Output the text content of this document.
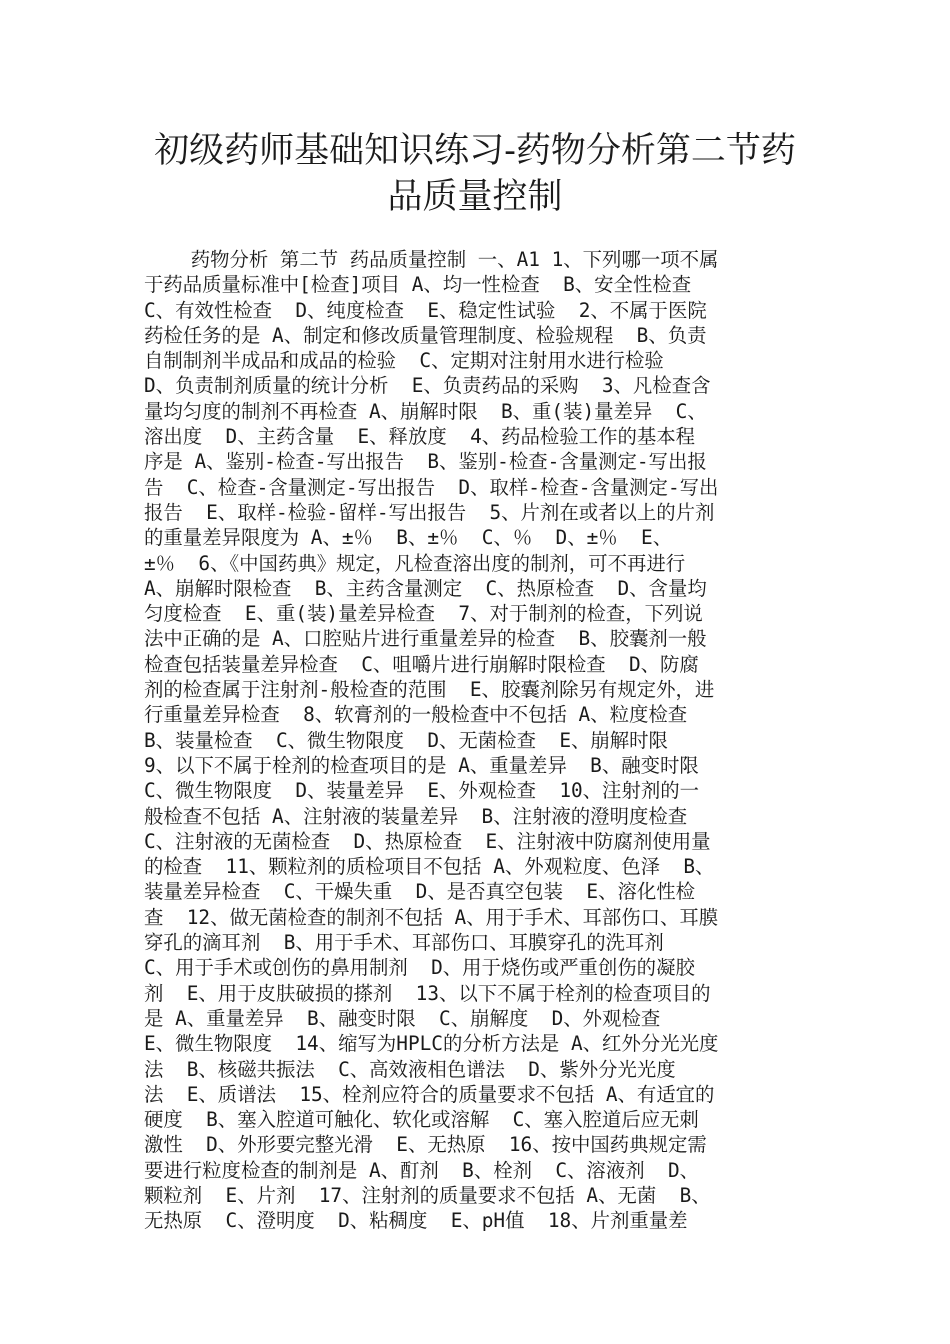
初级药师基础知识练习-药物分析第二节药
品质量控制
药物分析 第二节 药品质量控制 一、A1 1、下列哪一项不属
于药品质量标准中[检查]项目 A、均一性检查  B、安全性检查
C、有效性检查  D、纯度检查  E、稳定性试验  2、不属于医院
药检任务的是 A、制定和修改质量管理制度、检验规程  B、负责
自制制剂半成品和成品的检验  C、定期对注射用水进行检验
D、负责制剂质量的统计分析  E、负责药品的采购  3、凡检查含
量均匀度的制剂不再检查 A、崩解时限  B、重(装)量差异  C、
溶出度  D、主药含量  E、释放度  4、药品检验工作的基本程
序是 A、鉴别-检查-写出报告  B、鉴别-检查-含量测定-写出报
告  C、检查-含量测定-写出报告  D、取样-检查-含量测定-写出
报告  E、取样-检验-留样-写出报告  5、片剂在或者以上的片剂
的重量差异限度为 A、±％  B、±％  C、％  D、±％  E、
±％  6、《中国药典》规定，凡检查溶出度的制剂，可不再进行
A、崩解时限检查  B、主药含量测定  C、热原检查  D、含量均
匀度检查  E、重(装)量差异检查  7、对于制剂的检查，下列说
法中正确的是 A、口腔贴片进行重量差异的检查  B、胶囊剂一般
检查包括装量差异检查  C、咀嚼片进行崩解时限检查  D、防腐
剂的检查属于注射剂-般检查的范围  E、胶囊剂除另有规定外，进
行重量差异检查  8、软膏剂的一般检查中不包括 A、粒度检查
B、装量检查  C、微生物限度  D、无菌检查  E、崩解时限
9、以下不属于栓剂的检查项目的是 A、重量差异  B、融变时限
C、微生物限度  D、装量差异  E、外观检查  10、注射剂的一
般检查不包括 A、注射液的装量差异  B、注射液的澄明度检查
C、注射液的无菌检查  D、热原检查  E、注射液中防腐剂使用量
的检查  11、颗粒剂的质检项目不包括 A、外观粒度、色泽  B、
装量差异检查  C、干燥失重  D、是否真空包装  E、溶化性检
查  12、做无菌检查的制剂不包括 A、用于手术、耳部伤口、耳膜
穿孔的滴耳剂  B、用于手术、耳部伤口、耳膜穿孔的洗耳剂
C、用于手术或创伤的鼻用制剂  D、用于烧伤或严重创伤的凝胶
剂  E、用于皮肤破损的搽剂  13、以下不属于栓剂的检查项目的
是 A、重量差异  B、融变时限  C、崩解度  D、外观检查
E、微生物限度  14、缩写为HPLC的分析方法是 A、红外分光光度
法  B、核磁共振法  C、高效液相色谱法  D、紫外分光光度
法  E、质谱法  15、栓剂应符合的质量要求不包括 A、有适宜的
硬度  B、塞入腔道可触化、软化或溶解  C、塞入腔道后应无刺
激性  D、外形要完整光滑  E、无热原  16、按中国药典规定需
要进行粒度检查的制剂是 A、酊剂  B、栓剂  C、溶液剂  D、
颗粒剂  E、片剂  17、注射剂的质量要求不包括 A、无菌  B、
无热原  C、澄明度  D、粘稠度  E、pH值  18、片剂重量差
